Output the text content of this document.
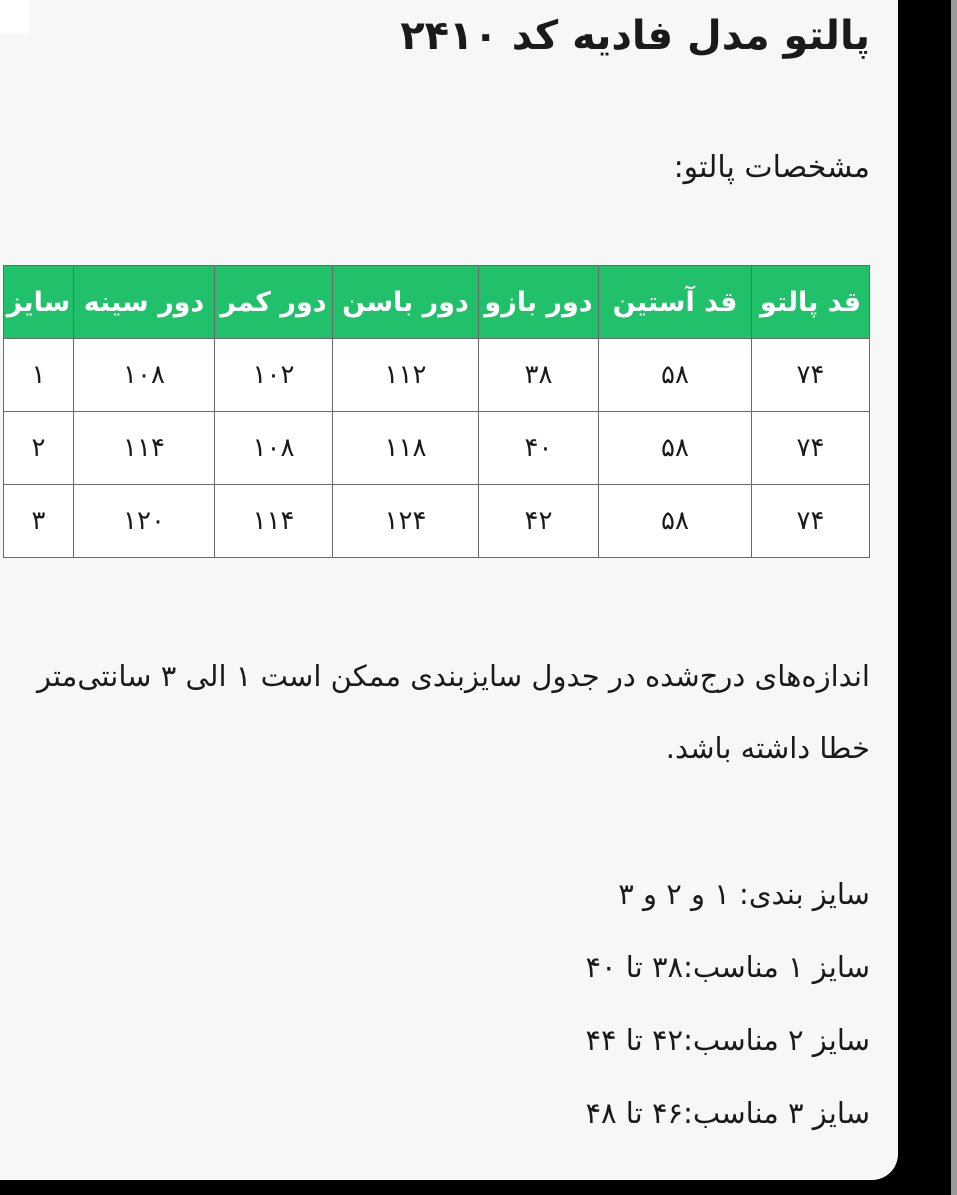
پالتو مدل فادیه کد ۲۴۱۰

مشخصات پالتو:

قد پالتو	قد آستین	دور بازو	دور باسن	دور کمر	دور سینه	سایز
۷۴	۵۸	۳۸	۱۱۲	۱۰۲	۱۰۸	۱
۷۴	۵۸	۴۰	۱۱۸	۱۰۸	۱۱۴	۲
۷۴	۵۸	۴۲	۱۲۴	۱۱۴	۱۲۰	۳

اندازه‌های درج‌شده در جدول سایزبندی ممکن است ۱ الی ۳ سانتی‌متر خطا داشته باشد.

سایز بندی: ۱ و ۲ و ۳

سایز ۱ مناسب:۳۸ تا ۴۰

سایز ۲ مناسب:۴۲ تا ۴۴

سایز ۳ مناسب:۴۶ تا ۴۸
